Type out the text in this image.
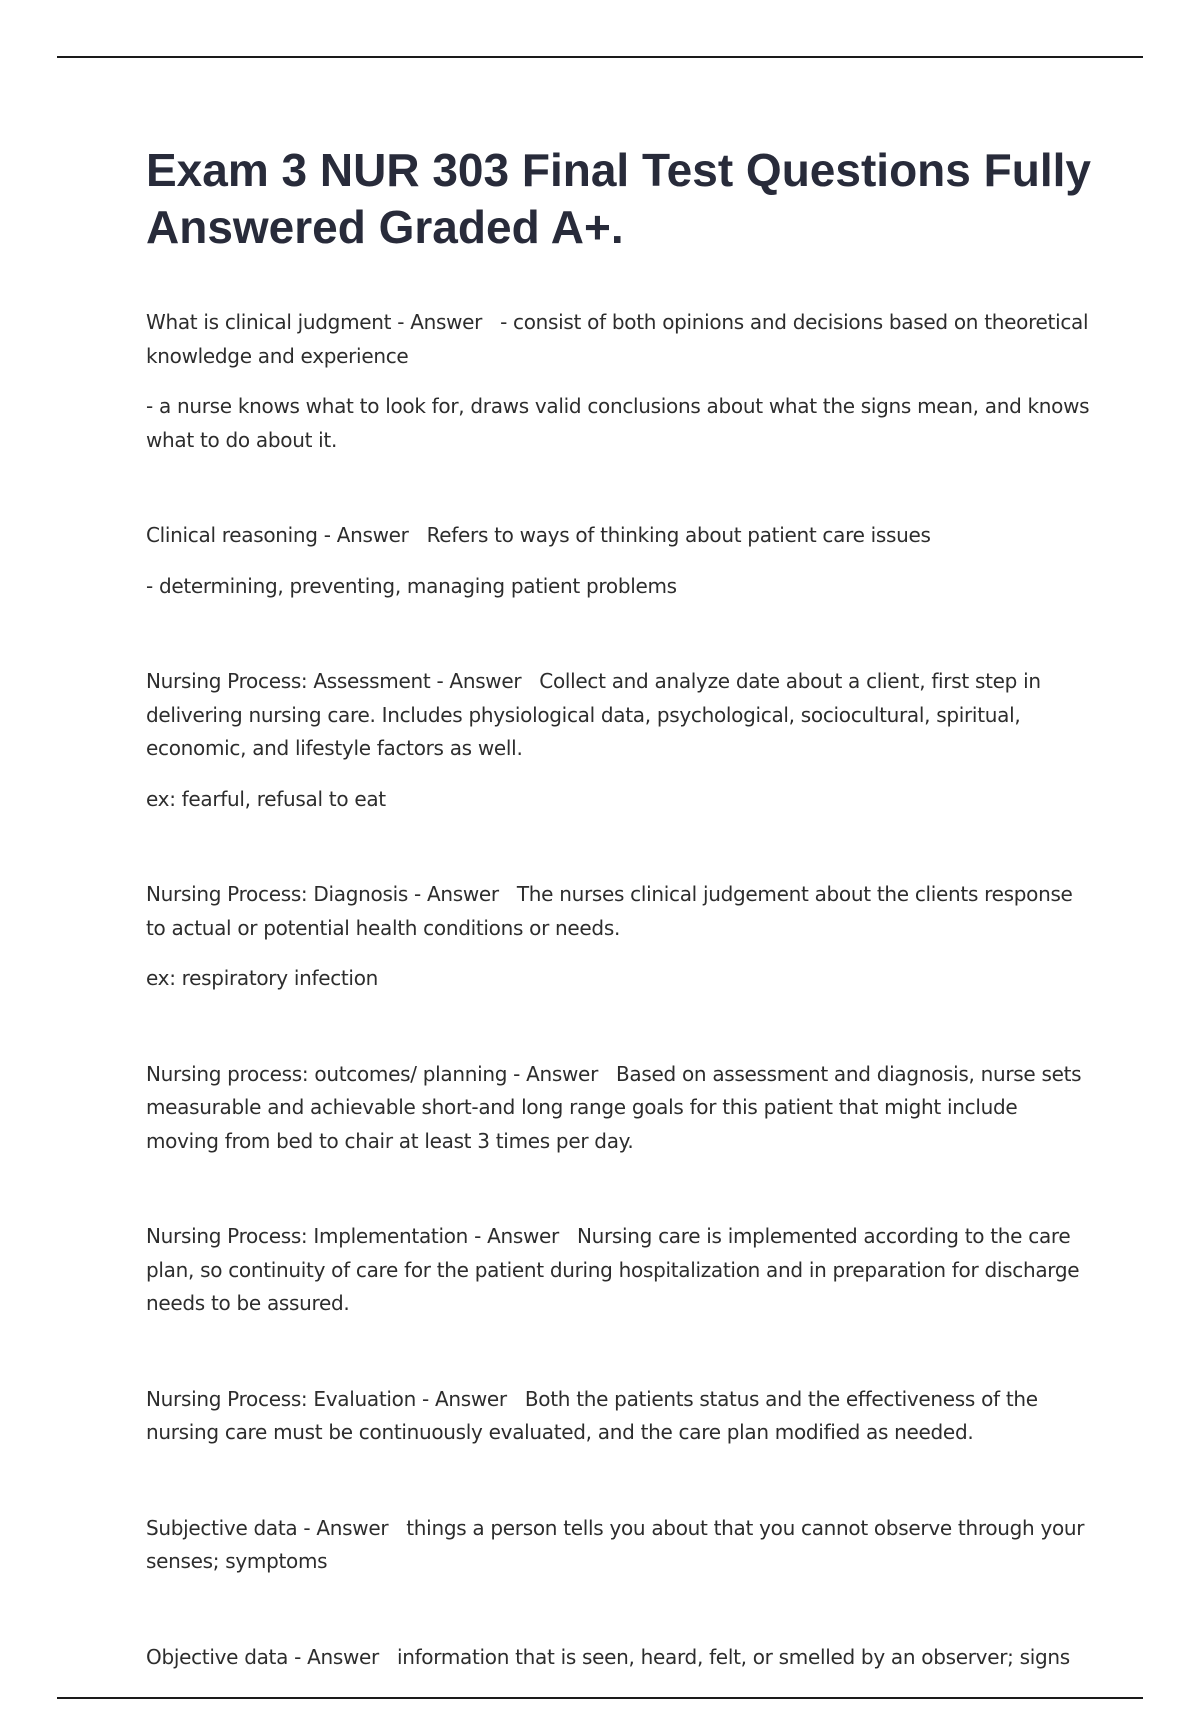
Exam 3 NUR 303 Final Test Questions Fully Answered Graded A+.

What is clinical judgment - Answer - consist of both opinions and decisions based on theoretical knowledge and experience

- a nurse knows what to look for, draws valid conclusions about what the signs mean, and knows what to do about it.

Clinical reasoning - Answer Refers to ways of thinking about patient care issues

- determining, preventing, managing patient problems

Nursing Process: Assessment - Answer Collect and analyze date about a client, first step in delivering nursing care. Includes physiological data, psychological, sociocultural, spiritual, economic, and lifestyle factors as well.

ex: fearful, refusal to eat

Nursing Process: Diagnosis - Answer The nurses clinical judgement about the clients response to actual or potential health conditions or needs.

ex: respiratory infection

Nursing process: outcomes/ planning - Answer Based on assessment and diagnosis, nurse sets measurable and achievable short-and long range goals for this patient that might include moving from bed to chair at least 3 times per day.

Nursing Process: Implementation - Answer Nursing care is implemented according to the care plan, so continuity of care for the patient during hospitalization and in preparation for discharge needs to be assured.

Nursing Process: Evaluation - Answer Both the patients status and the effectiveness of the nursing care must be continuously evaluated, and the care plan modified as needed.

Subjective data - Answer things a person tells you about that you cannot observe through your senses; symptoms

Objective data - Answer information that is seen, heard, felt, or smelled by an observer; signs
